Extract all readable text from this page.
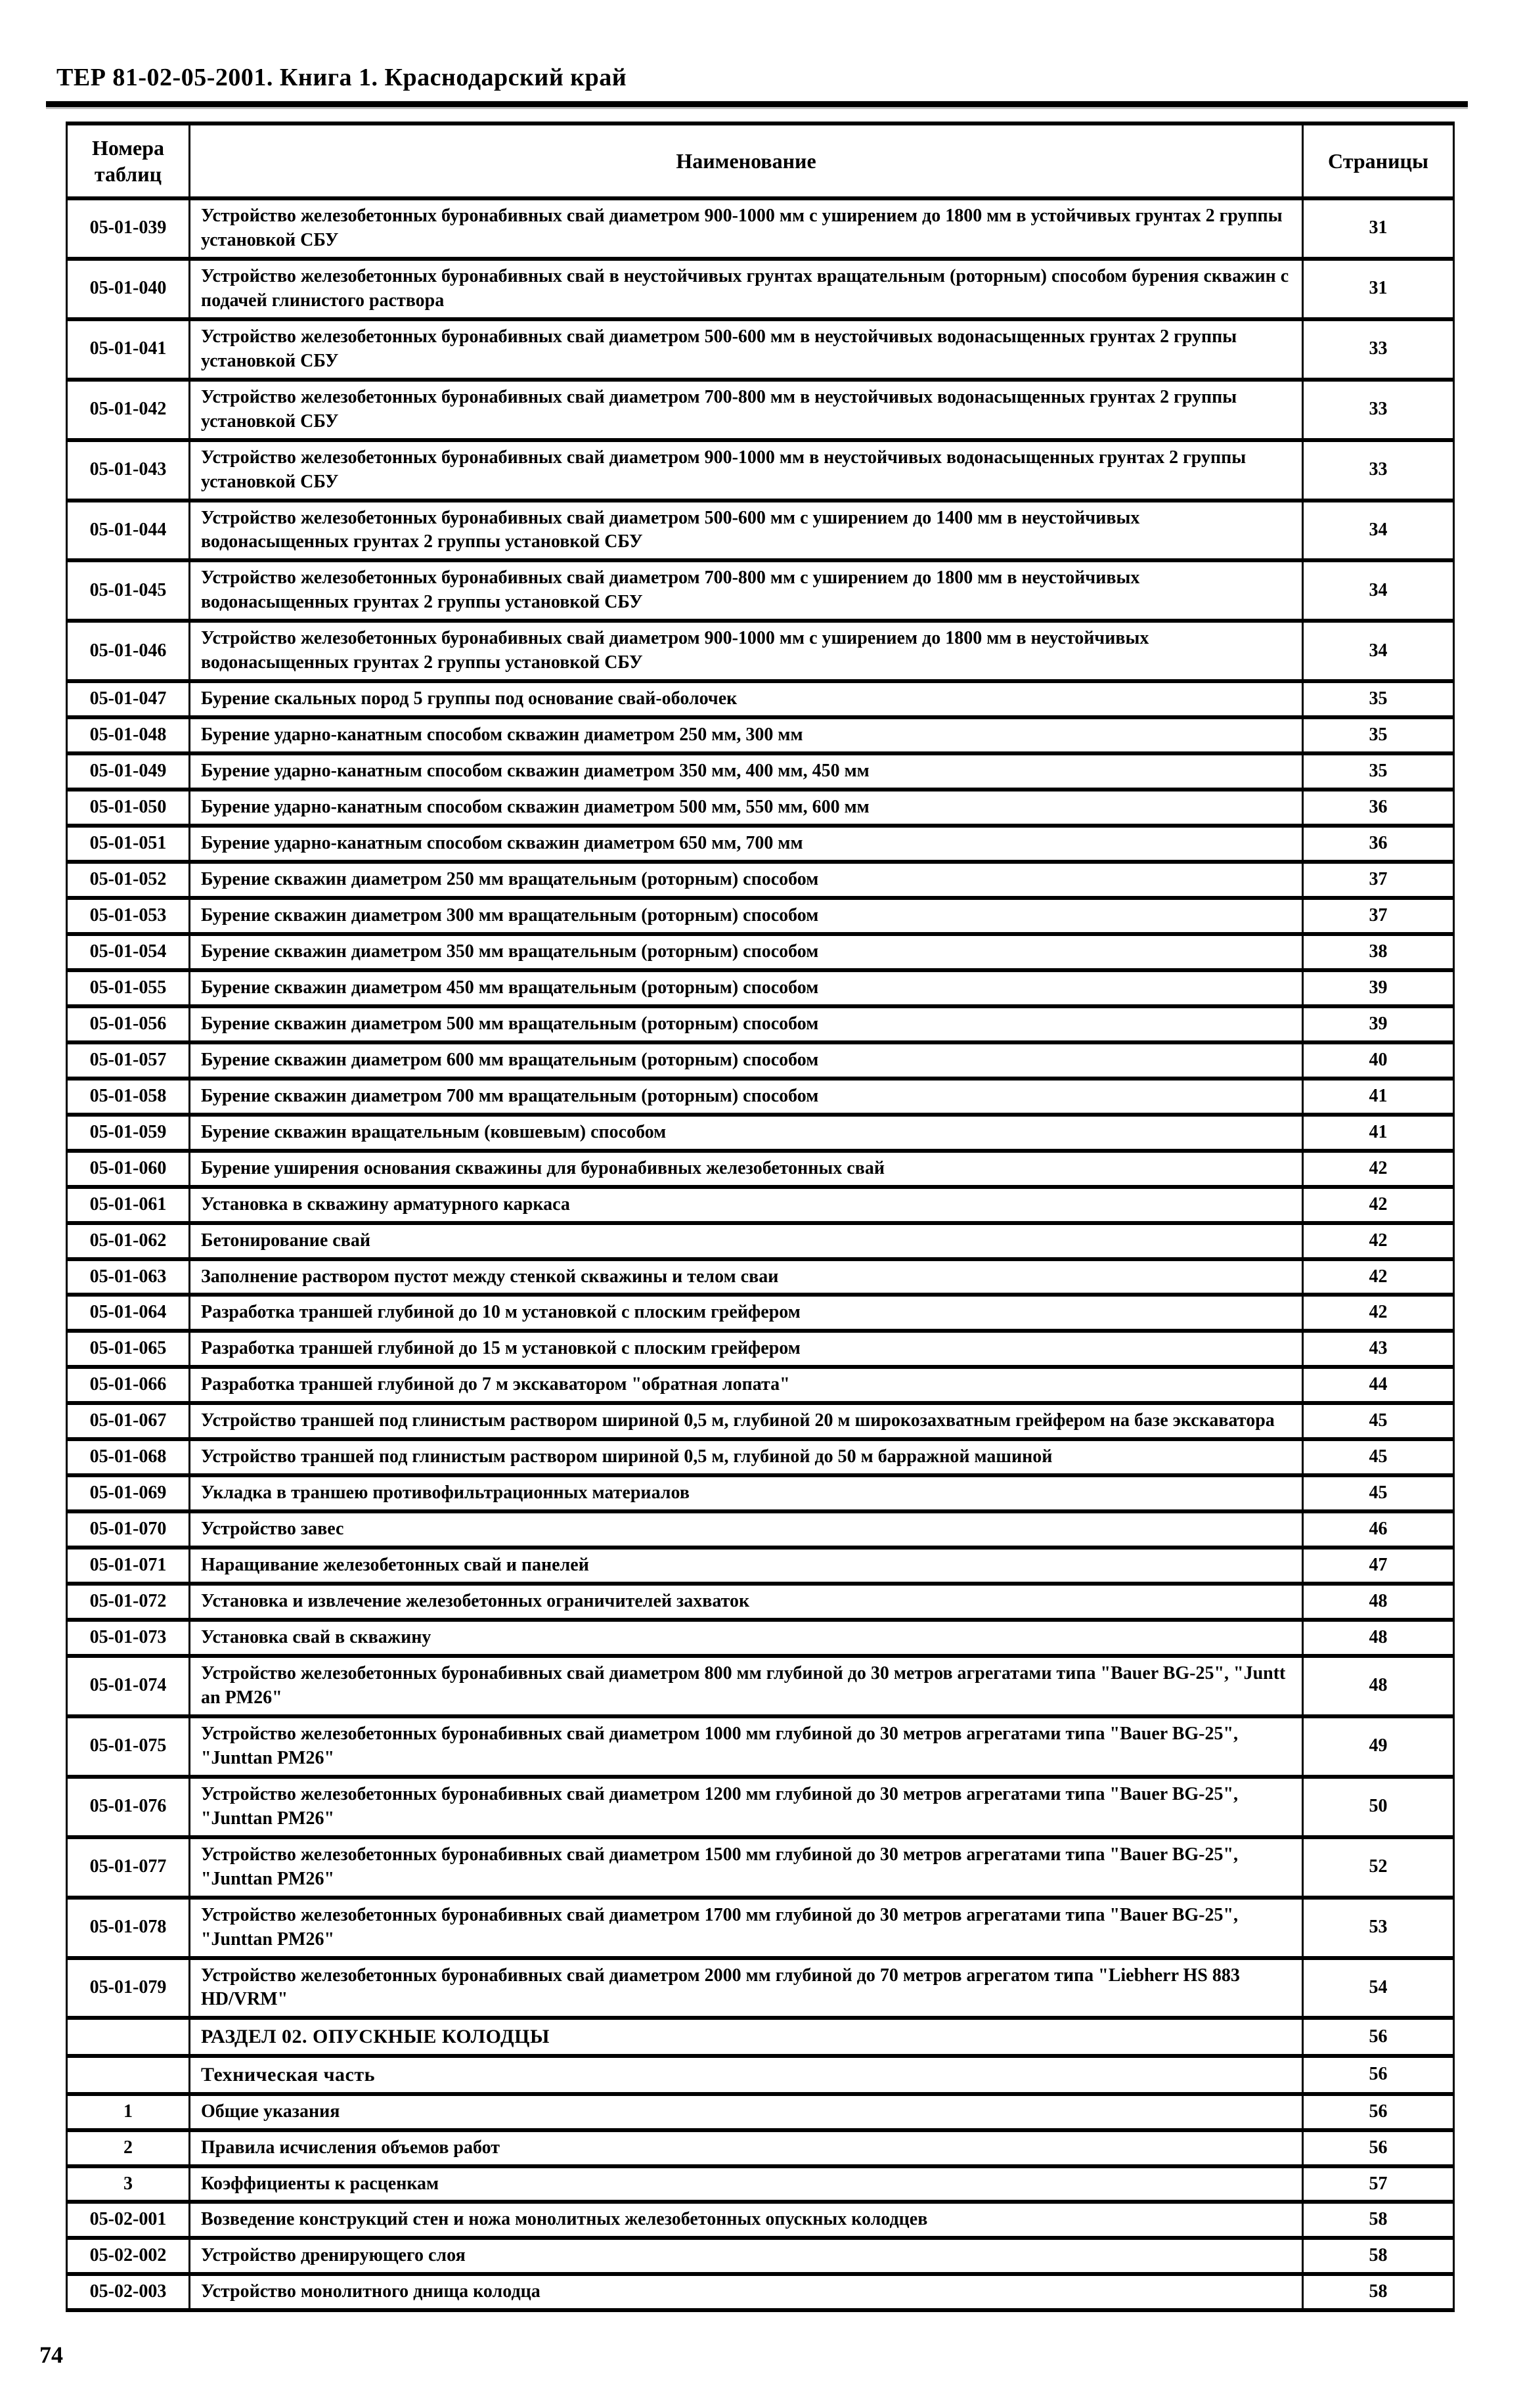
ТЕР 81-02-05-2001. Книга 1. Краснодарский край
Номера таблиц	Наименование	Страницы
05-01-039	Устройство железобетонных буронабивных свай диаметром 900-1000 мм с уширением до 1800 мм в устойчивых грунтах 2 группы установкой СБУ	31
05-01-040	Устройство железобетонных буронабивных свай в неустойчивых грунтах вращательным (роторным) способом бурения скважин с подачей глинистого раствора	31
05-01-041	Устройство железобетонных буронабивных свай диаметром 500-600 мм в неустойчивых водонасыщенных грунтах 2 группы установкой СБУ	33
05-01-042	Устройство железобетонных буронабивных свай диаметром 700-800 мм в неустойчивых водонасыщенных грунтах 2 группы установкой СБУ	33
05-01-043	Устройство железобетонных буронабивных свай диаметром 900-1000 мм в неустойчивых водонасыщенных грунтах 2 группы установкой СБУ	33
05-01-044	Устройство железобетонных буронабивных свай диаметром 500-600 мм с уширением до 1400 мм в неустойчивых водонасыщенных грунтах 2 группы установкой СБУ	34
05-01-045	Устройство железобетонных буронабивных свай диаметром 700-800 мм с уширением до 1800 мм в неустойчивых водонасыщенных грунтах 2 группы установкой СБУ	34
05-01-046	Устройство железобетонных буронабивных свай диаметром 900-1000 мм с уширением до 1800 мм в неустойчивых водонасыщенных грунтах 2 группы установкой СБУ	34
05-01-047	Бурение скальных пород 5 группы под основание свай-оболочек	35
05-01-048	Бурение ударно-канатным способом скважин диаметром 250 мм, 300 мм	35
05-01-049	Бурение ударно-канатным способом скважин диаметром 350 мм, 400 мм, 450 мм	35
05-01-050	Бурение ударно-канатным способом скважин диаметром 500 мм, 550 мм, 600 мм	36
05-01-051	Бурение ударно-канатным способом скважин диаметром 650 мм, 700 мм	36
05-01-052	Бурение скважин диаметром 250 мм вращательным (роторным) способом	37
05-01-053	Бурение скважин диаметром 300 мм вращательным (роторным) способом	37
05-01-054	Бурение скважин диаметром 350 мм вращательным (роторным) способом	38
05-01-055	Бурение скважин диаметром 450 мм вращательным (роторным) способом	39
05-01-056	Бурение скважин диаметром 500 мм вращательным (роторным) способом	39
05-01-057	Бурение скважин диаметром 600 мм вращательным (роторным) способом	40
05-01-058	Бурение скважин диаметром 700 мм вращательным (роторным) способом	41
05-01-059	Бурение скважин вращательным (ковшевым) способом	41
05-01-060	Бурение уширения основания скважины для буронабивных железобетонных свай	42
05-01-061	Установка в скважину арматурного каркаса	42
05-01-062	Бетонирование свай	42
05-01-063	Заполнение раствором пустот между стенкой скважины и телом сваи	42
05-01-064	Разработка траншей глубиной до 10 м установкой с плоским грейфером	42
05-01-065	Разработка траншей глубиной до 15 м установкой с плоским грейфером	43
05-01-066	Разработка траншей глубиной до 7 м экскаватором "обратная лопата"	44
05-01-067	Устройство траншей под глинистым раствором шириной 0,5 м, глубиной 20 м широкозахватным грейфером на базе экскаватора	45
05-01-068	Устройство траншей под глинистым раствором шириной 0,5 м, глубиной до 50 м барражной машиной	45
05-01-069	Укладка в траншею противофильтрационных материалов	45
05-01-070	Устройство завес	46
05-01-071	Наращивание железобетонных свай и панелей	47
05-01-072	Установка и извлечение железобетонных ограничителей захваток	48
05-01-073	Установка свай в скважину	48
05-01-074	Устройство железобетонных буронабивных свай диаметром 800 мм глубиной до 30 метров агрегатами типа "Bauer BG-25", "Juntt an PM26"	48
05-01-075	Устройство железобетонных буронабивных свай диаметром 1000 мм глубиной до 30 метров агрегатами типа "Bauer BG-25", "Junttan PM26"	49
05-01-076	Устройство железобетонных буронабивных свай диаметром 1200 мм глубиной до 30 метров агрегатами типа "Bauer BG-25", "Junttan PM26"	50
05-01-077	Устройство железобетонных буронабивных свай диаметром 1500 мм глубиной до 30 метров агрегатами типа "Bauer BG-25", "Junttan PM26"	52
05-01-078	Устройство железобетонных буронабивных свай диаметром 1700 мм глубиной до 30 метров агрегатами типа "Bauer BG-25", "Junttan PM26"	53
05-01-079	Устройство железобетонных буронабивных свай диаметром 2000 мм глубиной до 70 метров агрегатом типа "Liebherr HS 883 HD/VRM"	54
	РАЗДЕЛ 02. ОПУСКНЫЕ КОЛОДЦЫ	56
	Техническая часть	56
1	Общие указания	56
2	Правила исчисления объемов работ	56
3	Коэффициенты к расценкам	57
05-02-001	Возведение конструкций стен и ножа монолитных железобетонных опускных колодцев	58
05-02-002	Устройство дренирующего слоя	58
05-02-003	Устройство монолитного днища колодца	58
74
